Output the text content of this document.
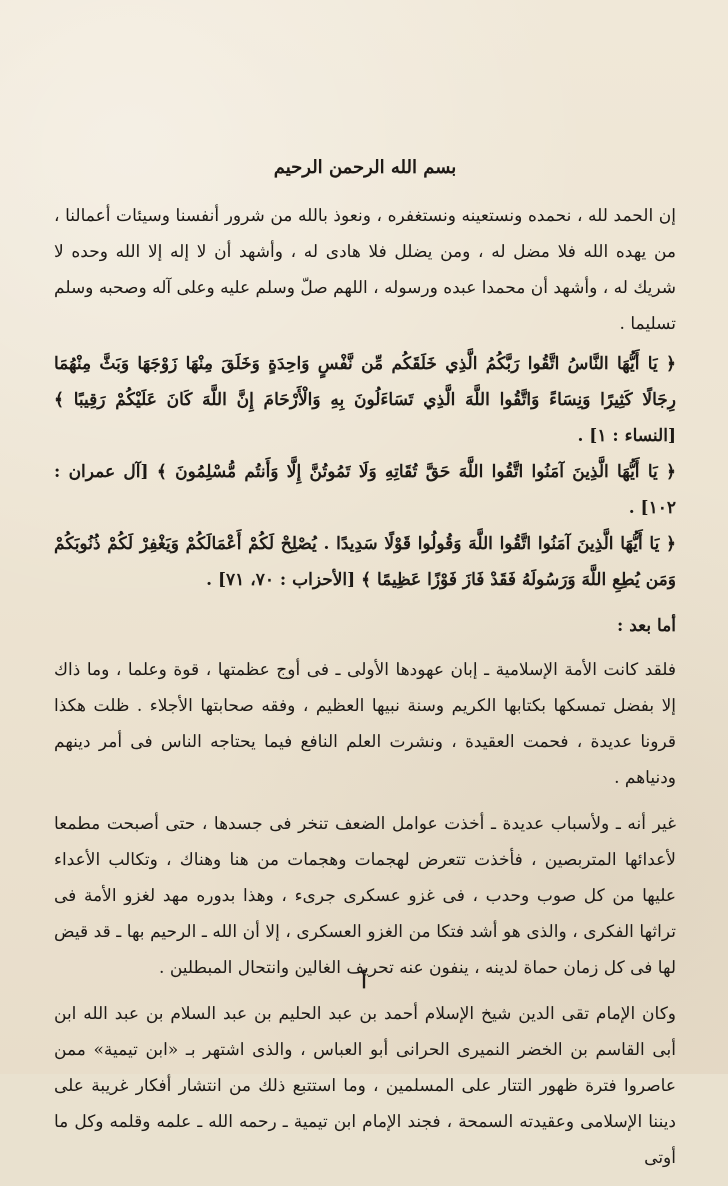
بسم الله الرحمن الرحيم

إن الحمد لله ، نحمده ونستعينه ونستغفره ، ونعوذ بالله من شرور أنفسنا وسيئات أعمالنا ، من يهده الله فلا مضل له ، ومن يضلل فلا هادى له ، وأشهد أن لا إله إلا الله وحده لا شريك له ، وأشهد أن محمدا عبده ورسوله ، اللهم صلّ وسلم عليه وعلى آله وصحبه وسلم تسليما .

﴿ يَا أَيُّهَا النَّاسُ اتَّقُوا رَبَّكُمُ الَّذِي خَلَقَكُم مِّن نَّفْسٍ وَاحِدَةٍ وَخَلَقَ مِنْهَا زَوْجَهَا وَبَثَّ مِنْهُمَا رِجَالًا كَثِيرًا وَنِسَاءً وَاتَّقُوا اللَّهَ الَّذِي تَسَاءَلُونَ بِهِ وَالْأَرْحَامَ إِنَّ اللَّهَ كَانَ عَلَيْكُمْ رَقِيبًا ﴾ [النساء : ١] .

﴿ يَا أَيُّهَا الَّذِينَ آمَنُوا اتَّقُوا اللَّهَ حَقَّ تُقَاتِهِ وَلَا تَمُوتُنَّ إِلَّا وَأَنتُم مُّسْلِمُونَ ﴾ [آل عمران : ١٠٢] .

﴿ يَا أَيُّهَا الَّذِينَ آمَنُوا اتَّقُوا اللَّهَ وَقُولُوا قَوْلًا سَدِيدًا . يُصْلِحْ لَكُمْ أَعْمَالَكُمْ وَيَغْفِرْ لَكُمْ ذُنُوبَكُمْ وَمَن يُطِعِ اللَّهَ وَرَسُولَهُ فَقَدْ فَازَ فَوْزًا عَظِيمًا ﴾ [الأحزاب : ٧٠، ٧١] .

أما بعد :

فلقد كانت الأمة الإسلامية ـ إبان عهودها الأولى ـ فى أوج عظمتها ، قوة وعلما ، وما ذاك إلا بفضل تمسكها بكتابها الكريم وسنة نبيها العظيم ، وفقه صحابتها الأجلاء . ظلت هكذا قرونا عديدة ، فحمت العقيدة ، ونشرت العلم النافع فيما يحتاجه الناس فى أمر دينهم ودنياهم .

غير أنه ـ ولأسباب عديدة ـ أخذت عوامل الضعف تنخر فى جسدها ، حتى أصبحت مطمعا لأعدائها المتربصين ، فأخذت تتعرض لهجمات وهجمات من هنا وهناك ، وتكالب الأعداء عليها من كل صوب وحدب ، فى غزو عسكرى جرىء ، وهذا بدوره مهد لغزو الأمة فى تراثها الفكرى ، والذى هو أشد فتكا من الغزو العسكرى ، إلا أن الله ـ الرحيم بها ـ قد قيض لها فى كل زمان حماة لدينه ، ينفون عنه تحريف الغالين وانتحال المبطلين .

وكان الإمام تقى الدين شيخ الإسلام أحمد بن عبد الحليم بن عبد السلام بن عبد الله ابن أبى القاسم بن الخضر النميرى الحرانى أبو العباس ، والذى اشتهر بـ «ابن تيمية» ممن عاصروا فترة ظهور التتار على المسلمين ، وما استتبع ذلك من انتشار أفكار غريبة على ديننا الإسلامى وعقيدته السمحة ، فجند الإمام ابن تيمية ـ رحمه الله ـ علمه وقلمه وكل ما أوتى

أ
